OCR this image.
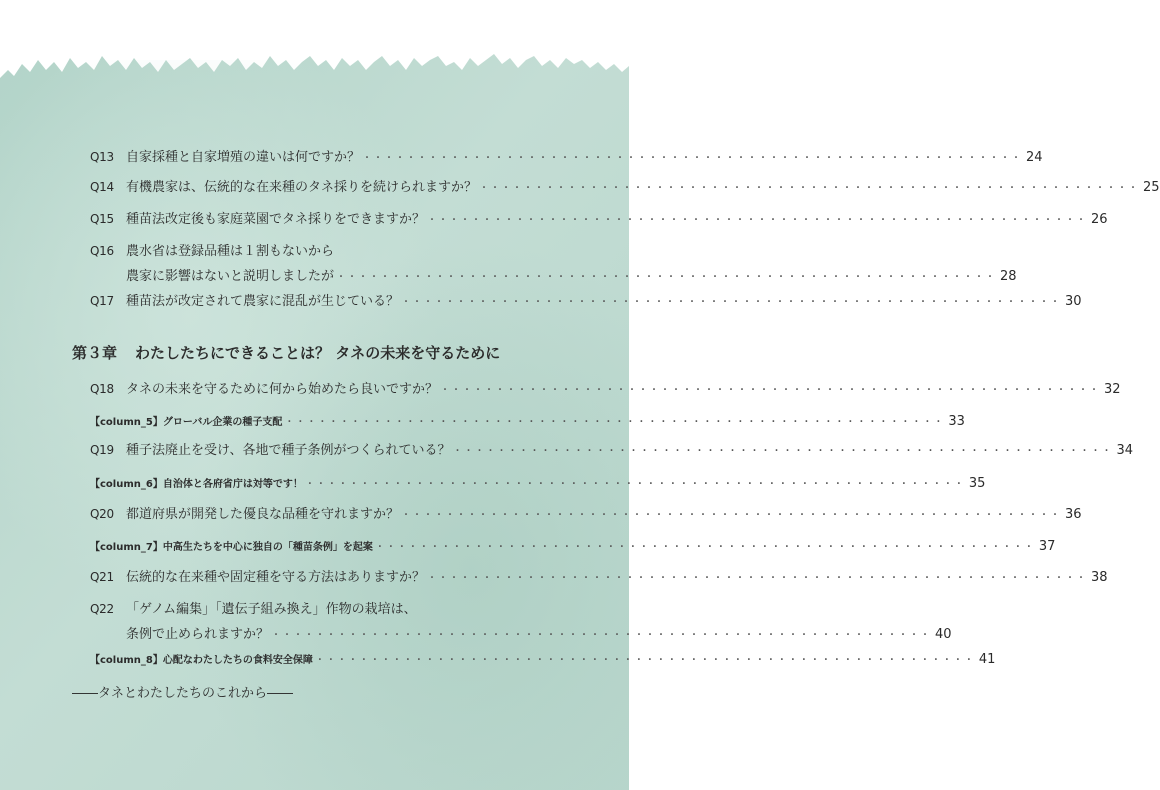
Q13 自家採種と自家増殖の違いは何ですか？ ・・・・・・・・・・・・・・・・・・・・・・・・・・・・・・・・・・・・・・・・・・・・・・・・・・・・・・・・・・・・ 24
Q14 有機農家は、伝統的な在来種のタネ採りを続けられますか？ ・・・・・・・・・・・・・・・・・・・・・・・・・・・・・・・・・・・・・・・・・・・・・・・・・・・・・・・・・・・・ 25
Q15 種苗法改定後も家庭菜園でタネ採りをできますか？ ・・・・・・・・・・・・・・・・・・・・・・・・・・・・・・・・・・・・・・・・・・・・・・・・・・・・・・・・・・・・ 26
Q16 農水省は登録品種は１割もないから
農家に影響はないと説明しましたが ・・・・・・・・・・・・・・・・・・・・・・・・・・・・・・・・・・・・・・・・・・・・・・・・・・・・・・・・・・・・ 28
Q17 種苗法が改定されて農家に混乱が生じている？ ・・・・・・・・・・・・・・・・・・・・・・・・・・・・・・・・・・・・・・・・・・・・・・・・・・・・・・・・・・・・ 30
第３章 わたしたちにできることは？ タネの未来を守るために
Q18 タネの未来を守るために何から始めたら良いですか？ ・・・・・・・・・・・・・・・・・・・・・・・・・・・・・・・・・・・・・・・・・・・・・・・・・・・・・・・・・・・・ 32
【column_5】グローバル企業の種子支配 ・・・・・・・・・・・・・・・・・・・・・・・・・・・・・・・・・・・・・・・・・・・・・・・・・・・・・・・・・・・・ 33
Q19 種子法廃止を受け、各地で種子条例がつくられている？ ・・・・・・・・・・・・・・・・・・・・・・・・・・・・・・・・・・・・・・・・・・・・・・・・・・・・・・・・・・・・ 34
【column_6】自治体と各府省庁は対等です！ ・・・・・・・・・・・・・・・・・・・・・・・・・・・・・・・・・・・・・・・・・・・・・・・・・・・・・・・・・・・・ 35
Q20 都道府県が開発した優良な品種を守れますか？ ・・・・・・・・・・・・・・・・・・・・・・・・・・・・・・・・・・・・・・・・・・・・・・・・・・・・・・・・・・・・ 36
【column_7】中高生たちを中心に独自の「種苗条例」を起案 ・・・・・・・・・・・・・・・・・・・・・・・・・・・・・・・・・・・・・・・・・・・・・・・・・・・・・・・・・・・・ 37
Q21 伝統的な在来種や固定種を守る方法はありますか？ ・・・・・・・・・・・・・・・・・・・・・・・・・・・・・・・・・・・・・・・・・・・・・・・・・・・・・・・・・・・・ 38
Q22 「ゲノム編集」「遺伝子組み換え」作物の栽培は、
条例で止められますか？ ・・・・・・・・・・・・・・・・・・・・・・・・・・・・・・・・・・・・・・・・・・・・・・・・・・・・・・・・・・・・ 40
【column_8】心配なわたしたちの食料安全保障 ・・・・・・・・・・・・・・・・・・・・・・・・・・・・・・・・・・・・・・・・・・・・・・・・・・・・・・・・・・・・ 41
――タネとわたしたちのこれから――
